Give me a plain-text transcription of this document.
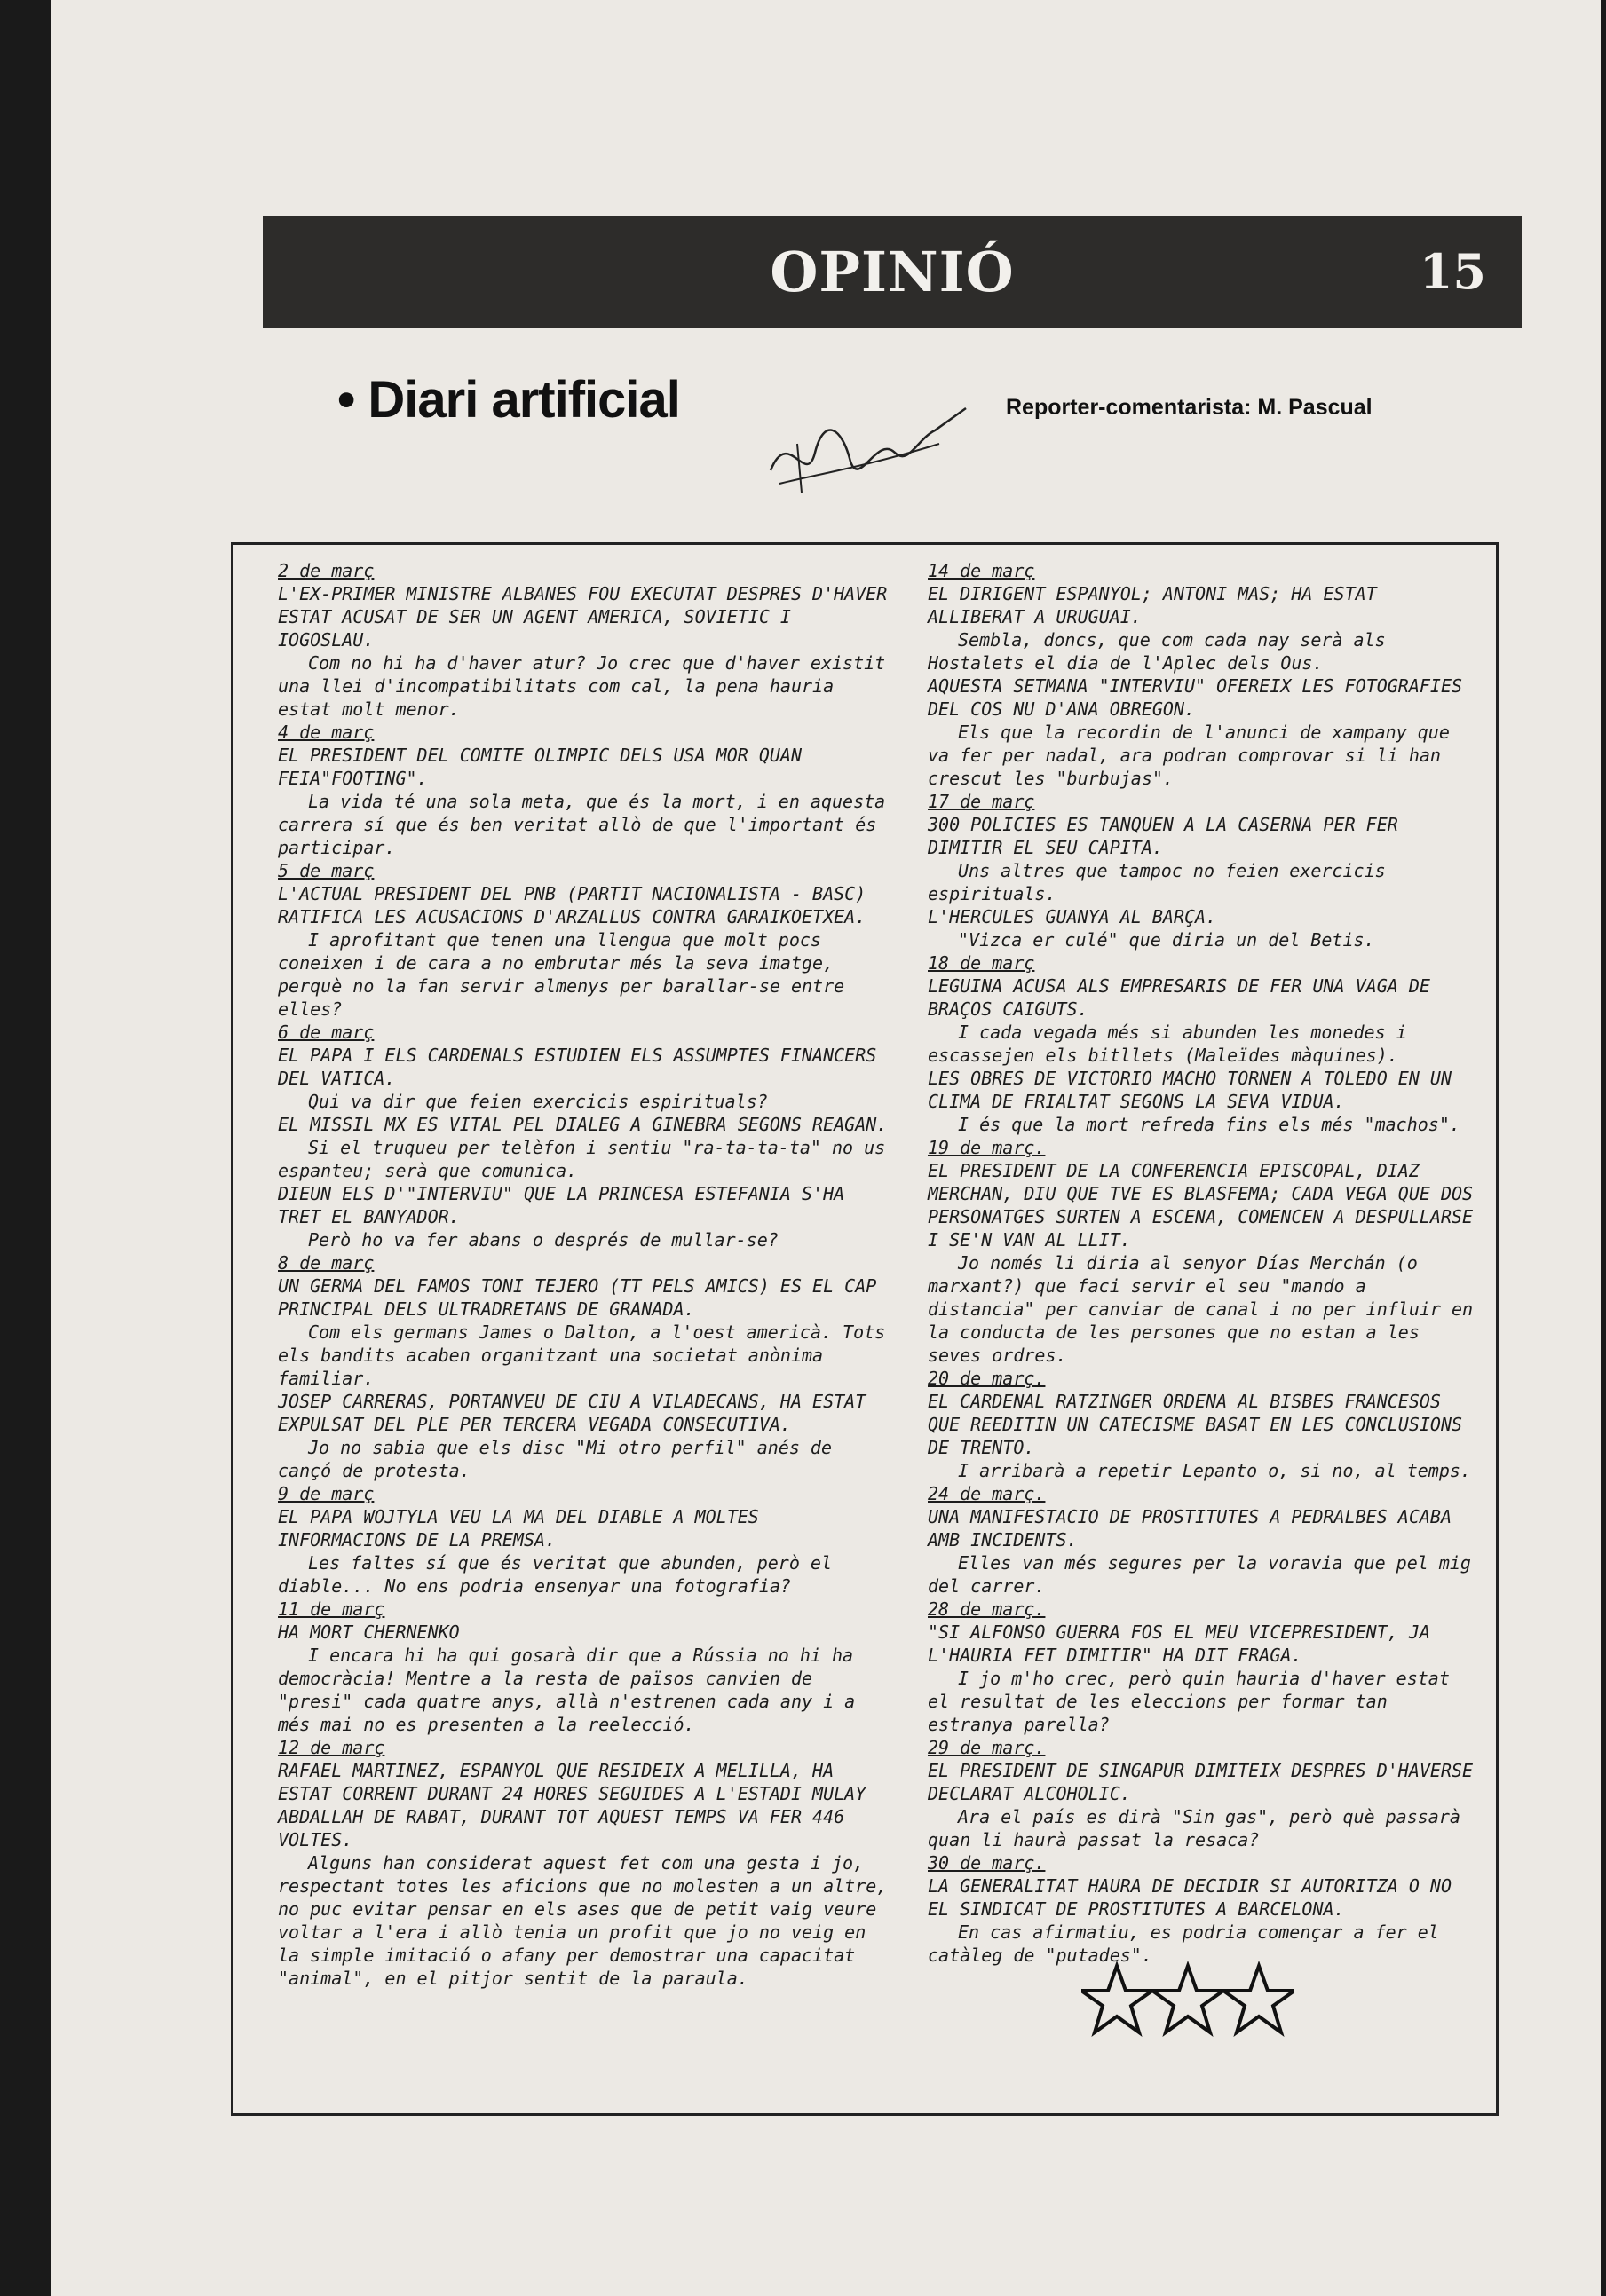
OPINIÓ	15
• Diari artificial	Reporter-comentarista: M. Pascual
2 de març
L'EX-PRIMER MINISTRE ALBANES FOU EXECUTAT DESPRES D'HAVER ESTAT ACUSAT DE SER UN AGENT AMERICA, SOVIETIC I IOGOSLAU.
Com no hi ha d'haver atur? Jo crec que d'haver existit una llei d'incompatibilitats com cal, la pena hauria estat molt menor.
4 de març
EL PRESIDENT DEL COMITE OLIMPIC DELS USA MOR QUAN FEIA"FOOTING".
La vida té una sola meta, que és la mort, i en aquesta carrera sí que és ben veritat allò de que l'important és participar.
5 de març
L'ACTUAL PRESIDENT DEL PNB (PARTIT NACIONALISTA - BASC) RATIFICA LES ACUSACIONS D'ARZALLUS CONTRA GARAIKOETXEA.
I aprofitant que tenen una llengua que molt pocs coneixen i de cara a no embrutar més la seva imatge, perquè no la fan servir almenys per barallar-se entre elles?
6 de març
EL PAPA I ELS CARDENALS ESTUDIEN ELS ASSUMPTES FINANCERS DEL VATICA.
Qui va dir que feien exercicis espirituals?
EL MISSIL MX ES VITAL PEL DIALEG A GINEBRA SEGONS REAGAN.
Si el truqueu per telèfon i sentiu "ra-ta-ta-ta" no us espanteu; serà que comunica.
DIEUN ELS D'"INTERVIU" QUE LA PRINCESA ESTEFANIA S'HA TRET EL BANYADOR.
Però ho va fer abans o després de mullar-se?
8 de març
UN GERMA DEL FAMOS TONI TEJERO (TT PELS AMICS) ES EL CAP PRINCIPAL DELS ULTRADRETANS DE GRANADA.
Com els germans James o Dalton, a l'oest americà. Tots els bandits acaben organitzant una societat anònima familiar.
JOSEP CARRERAS, PORTANVEU DE CIU A VILADECANS, HA ESTAT EXPULSAT DEL PLE PER TERCERA VEGADA CONSECUTIVA.
Jo no sabia que els disc "Mi otro perfil" anés de cançó de protesta.
9 de març
EL PAPA WOJTYLA VEU LA MA DEL DIABLE A MOLTES INFORMACIONS DE LA PREMSA.
Les faltes sí que és veritat que abunden, però el diable... No ens podria ensenyar una fotografia?
11 de març
HA MORT CHERNENKO
I encara hi ha qui gosarà dir que a Rússia no hi ha democràcia! Mentre a la resta de països canvien de "presi" cada quatre anys, allà n'estrenen cada any i a més mai no es presenten a la reelecció.
12 de març
RAFAEL MARTINEZ, ESPANYOL QUE RESIDEIX A MELILLA, HA ESTAT CORRENT DURANT 24 HORES SEGUIDES A L'ESTADI MULAY ABDALLAH DE RABAT, DURANT TOT AQUEST TEMPS VA FER 446 VOLTES.
Alguns han considerat aquest fet com una gesta i jo, respectant totes les aficions que no molesten a un altre, no puc evitar pensar en els ases que de petit vaig veure voltar a l'era i allò tenia un profit que jo no veig en la simple imitació o afany per demostrar una capacitat "animal", en el pitjor sentit de la paraula.
14 de març
EL DIRIGENT ESPANYOL; ANTONI MAS; HA ESTAT ALLIBERAT A URUGUAI.
Sembla, doncs, que com cada nay serà als Hostalets el dia de l'Aplec dels Ous.
AQUESTA SETMANA "INTERVIU" OFEREIX LES FOTOGRAFIES DEL COS NU D'ANA OBREGON.
Els que la recordin de l'anunci de xampany que va fer per nadal, ara podran comprovar si li han crescut les "burbujas".
17 de març
300 POLICIES ES TANQUEN A LA CASERNA PER FER DIMITIR EL SEU CAPITA.
Uns altres que tampoc no feien exercicis espirituals.
L'HERCULES GUANYA AL BARÇA.
"Vizca er culé" que diria un del Betis.
18 de març
LEGUINA ACUSA ALS EMPRESARIS DE FER UNA VAGA DE BRAÇOS CAIGUTS.
I cada vegada més si abunden les monedes i escassejen els bitllets (Maleïdes màquines).
LES OBRES DE VICTORIO MACHO TORNEN A TOLEDO EN UN CLIMA DE FRIALTAT SEGONS LA SEVA VIDUA.
I és que la mort refreda fins els més "machos".
19 de març.
EL PRESIDENT DE LA CONFERENCIA EPISCOPAL, DIAZ MERCHAN, DIU QUE TVE ES BLASFEMA; CADA VEGA QUE DOS PERSONATGES SURTEN A ESCENA, COMENCEN A DESPULLARSE I SE'N VAN AL LLIT.
Jo només li diria al senyor Días Merchán (o marxant?) que faci servir el seu "mando a distancia" per canviar de canal i no per influir en la conducta de les persones que no estan a les seves ordres.
20 de març.
EL CARDENAL RATZINGER ORDENA AL BISBES FRANCESOS QUE REEDITIN UN CATECISME BASAT EN LES CONCLUSIONS DE TRENTO.
I arribarà a repetir Lepanto o, si no, al temps.
24 de març.
UNA MANIFESTACIO DE PROSTITUTES A PEDRALBES ACABA AMB INCIDENTS.
Elles van més segures per la voravia que pel mig del carrer.
28 de març.
"SI ALFONSO GUERRA FOS EL MEU VICEPRESIDENT, JA L'HAURIA FET DIMITIR" HA DIT FRAGA.
I jo m'ho crec, però quin hauria d'haver estat el resultat de les eleccions per formar tan estranya parella?
29 de març.
EL PRESIDENT DE SINGAPUR DIMITEIX DESPRES D'HAVERSE DECLARAT ALCOHOLIC.
Ara el país es dirà "Sin gas", però què passarà quan li haurà passat la resaca?
30 de març.
LA GENERALITAT HAURA DE DECIDIR SI AUTORITZA O NO EL SINDICAT DE PROSTITUTES A BARCELONA.
En cas afirmatiu, es podria començar a fer el catàleg de "putades".
